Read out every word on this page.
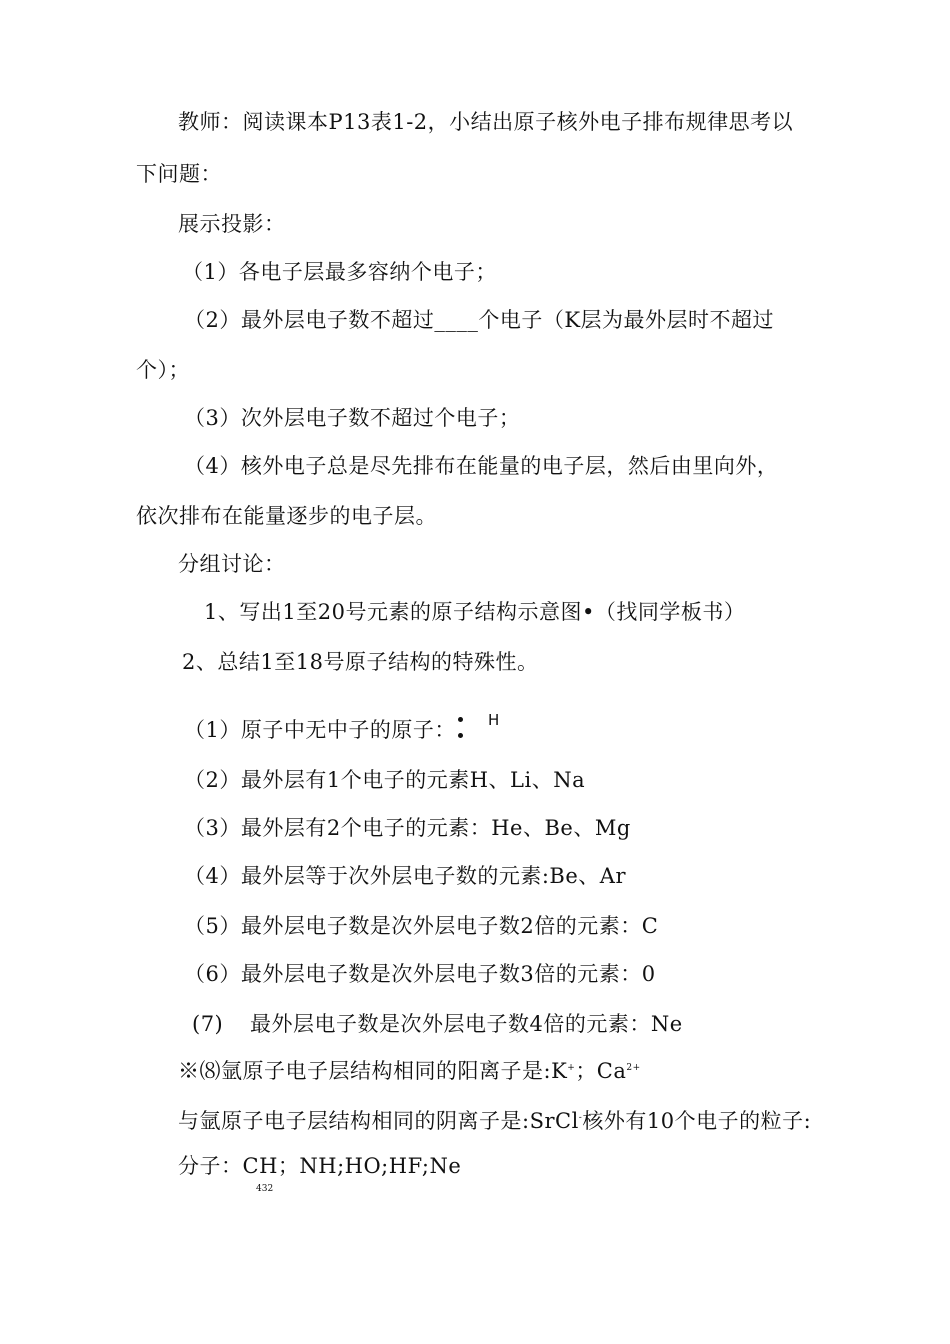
教师：阅读课本P13表1-2，小结出原子核外电子排布规律思考以
下问题：
展示投影：
（1）各电子层最多容纳个电子；
（2）最外层电子数不超过____个电子（K层为最外层时不超过
个）；
（3）次外层电子数不超过个电子；
（4）核外电子总是尽先排布在能量的电子层，然后由里向外，
依次排布在能量逐步的电子层。
分组讨论：
1、写出1至20号元素的原子结构示意图•（找同学板书）
2、总结1至18号原子结构的特殊性。
（1）原子中无中子的原子： H
（2）最外层有1个电子的元素H、Li、Na
（3）最外层有2个电子的元素：He、Be、Mg
（4）最外层等于次外层电子数的元素:Be、Ar
（5）最外层电子数是次外层电子数2倍的元素：C
（6）最外层电子数是次外层电子数3倍的元素：0
(7) 最外层电子数是次外层电子数4倍的元素：Ne
※⑻氩原子电子层结构相同的阳离子是:K+；$Ca^{2+}$
与氩原子电子层结构相同的阴离子是:SrCl-核外有10个电子的粒子:
分子：CH；NH;HO;HF;Ne
432
